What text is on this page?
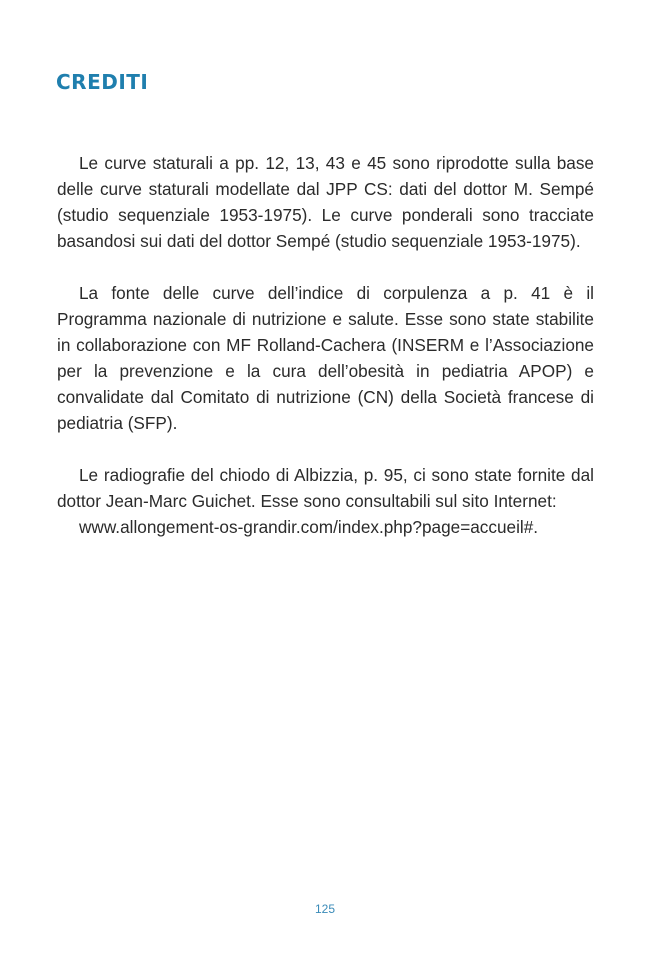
CREDITI

Le curve staturali a pp. 12, 13, 43 e 45 sono riprodotte sulla base delle curve staturali modellate dal JPP CS: dati del dottor M. Sempé (studio sequenziale 1953-1975). Le curve ponderali sono tracciate basandosi sui dati del dottor Sempé (studio sequenziale 1953-1975).

La fonte delle curve dell’indice di corpulenza a p. 41 è il Programma nazionale di nutrizione e salute. Esse sono state stabilite in collaborazione con MF Rolland-Cachera (INSERM e l’Associazione per la prevenzione e la cura dell’obesità in pediatria APOP) e convalidate dal Comitato di nutrizione (CN) della Società francese di pediatria (SFP).

Le radiografie del chiodo di Albizzia, p. 95, ci sono state fornite dal dottor Jean-Marc Guichet. Esse sono consultabili sul sito Internet:
www.allongement-os-grandir.com/index.php?page=accueil#.

125
